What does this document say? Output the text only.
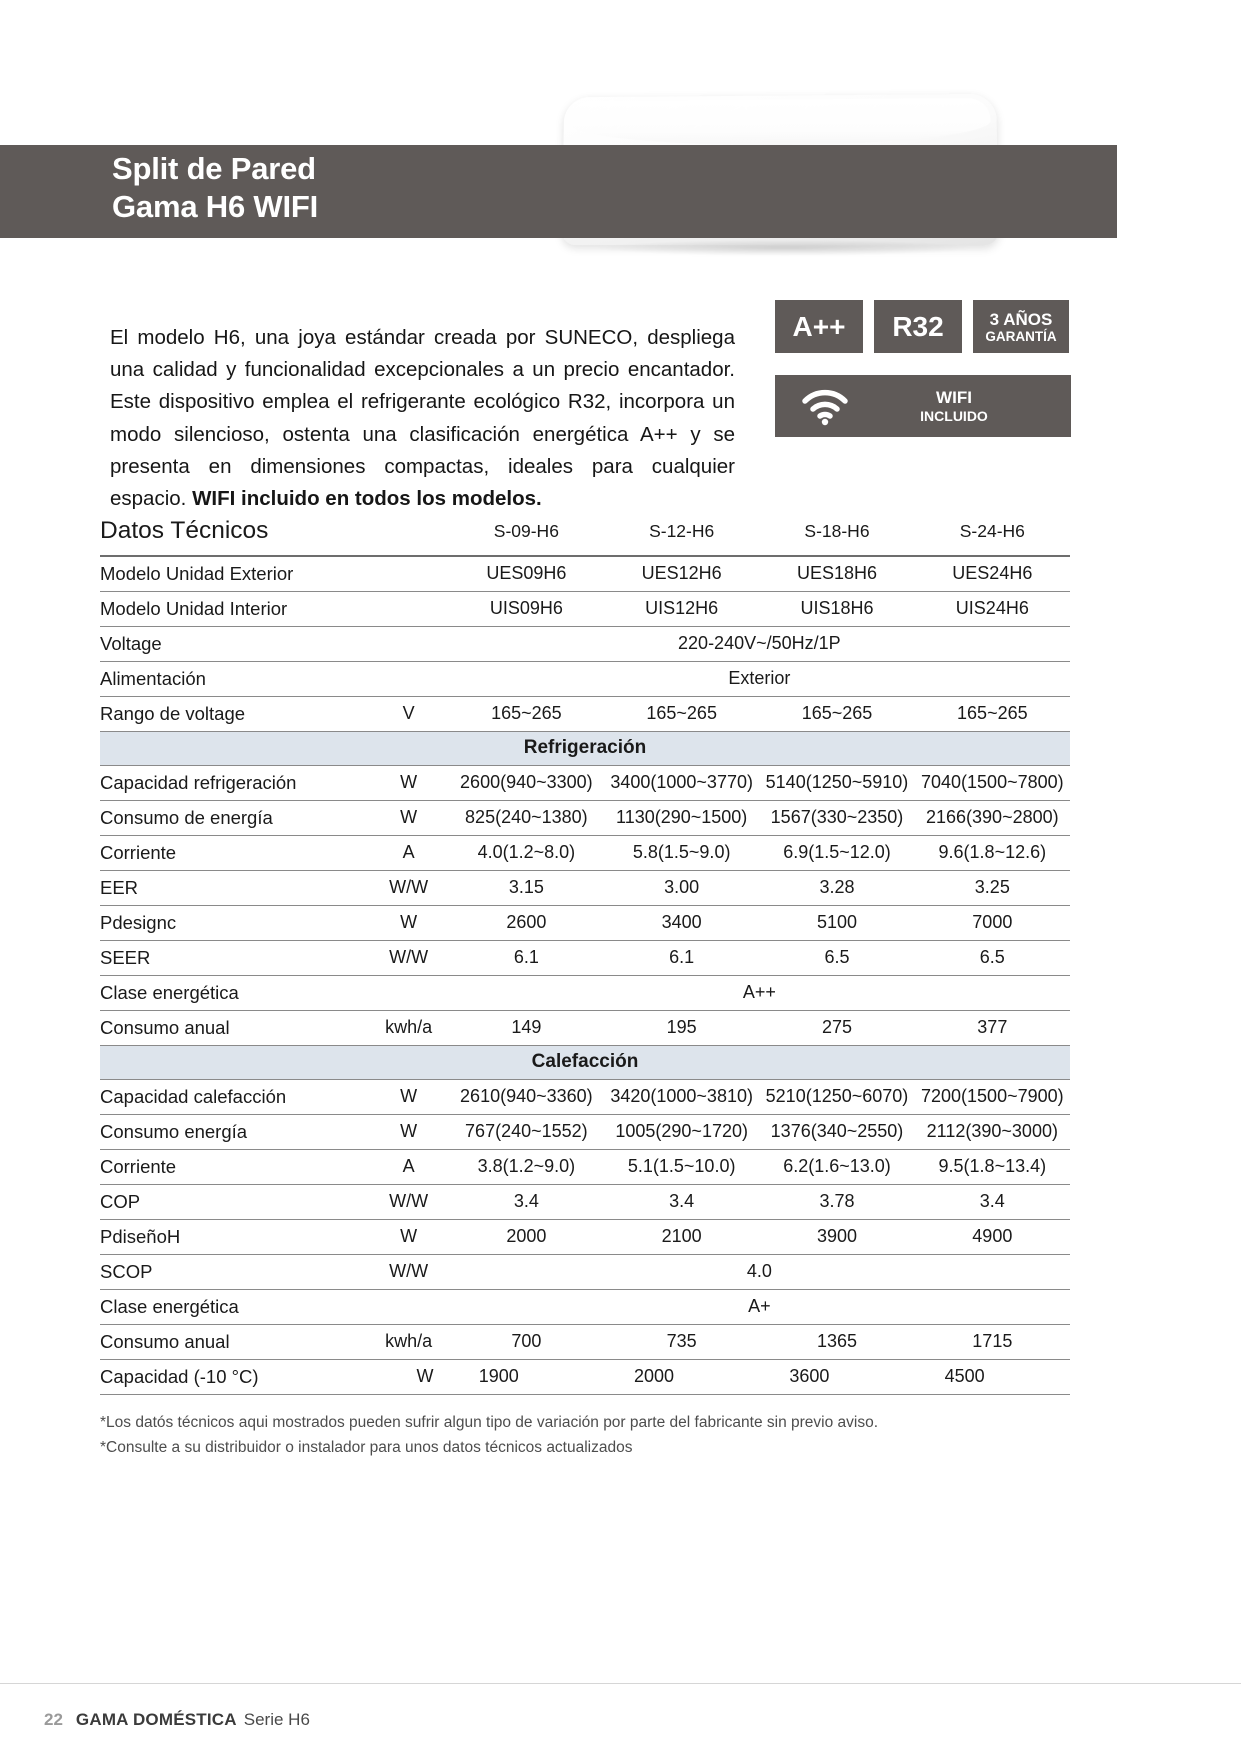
Split de Pared
Gama H6 WIFI
A++ R32	3 AÑOS
GARANTÍA
WIFI
INCLUIDO

El modelo H6, una joya estándar creada por SUNECO, despliega una calidad y funcionalidad excepcionales a un precio encantador. Este dispositivo emplea el refrigerante ecológico R32, incorpora un modo silencioso, ostenta una clasificación energética A++ y se presenta en dimensiones compactas, ideales para cualquier espacio. WIFI incluido en todos los modelos.

Datos Técnicos		S-09-H6	S-12-H6	S-18-H6	S-24-H6
Modelo Unidad Exterior		UES09H6	UES12H6	UES18H6	UES24H6
Modelo Unidad Interior		UIS09H6	UIS12H6	UIS18H6	UIS24H6
Voltage		220-240V~/50Hz/1P			
Alimentación		Exterior			
Rango de voltage	V	165~265	165~265	165~265	165~265
Refrigeración					
Capacidad refrigeración	W	2600(940~3300)	3400(1000~3770)	5140(1250~5910)	7040(1500~7800)
Consumo de energía	W	825(240~1380)	1130(290~1500)	1567(330~2350)	2166(390~2800)
Corriente	A	4.0(1.2~8.0)	5.8(1.5~9.0)	6.9(1.5~12.0)	9.6(1.8~12.6)
EER	W/W	3.15	3.00	3.28	3.25
Pdesignc	W	2600	3400	5100	7000
SEER	W/W	6.1	6.1	6.5	6.5
Clase energética		A++			
Consumo anual	kwh/a	149	195	275	377
Calefacción					
Capacidad calefacción	W	2610(940~3360)	3420(1000~3810)	5210(1250~6070)	7200(1500~7900)
Consumo energía	W	767(240~1552)	1005(290~1720)	1376(340~2550)	2112(390~3000)
Corriente	A	3.8(1.2~9.0)	5.1(1.5~10.0)	6.2(1.6~13.0)	9.5(1.8~13.4)
COP	W/W	3.4	3.4	3.78	3.4
PdiseñoH	W	2000	2100	3900	4900
SCOP	W/W	4.0			
Clase energética		A+			
Consumo anual	kwh/a	700	735	1365	1715
Capacidad (-10 °C)	W	1900	2000	3600	4500
*Los datós técnicos aqui mostrados pueden sufrir algun tipo de variación por parte del fabricante sin previo aviso.
*Consulte a su distribuidor o instalador para unos datos técnicos actualizados
22 GAMA DOMÉSTICA Serie H6
